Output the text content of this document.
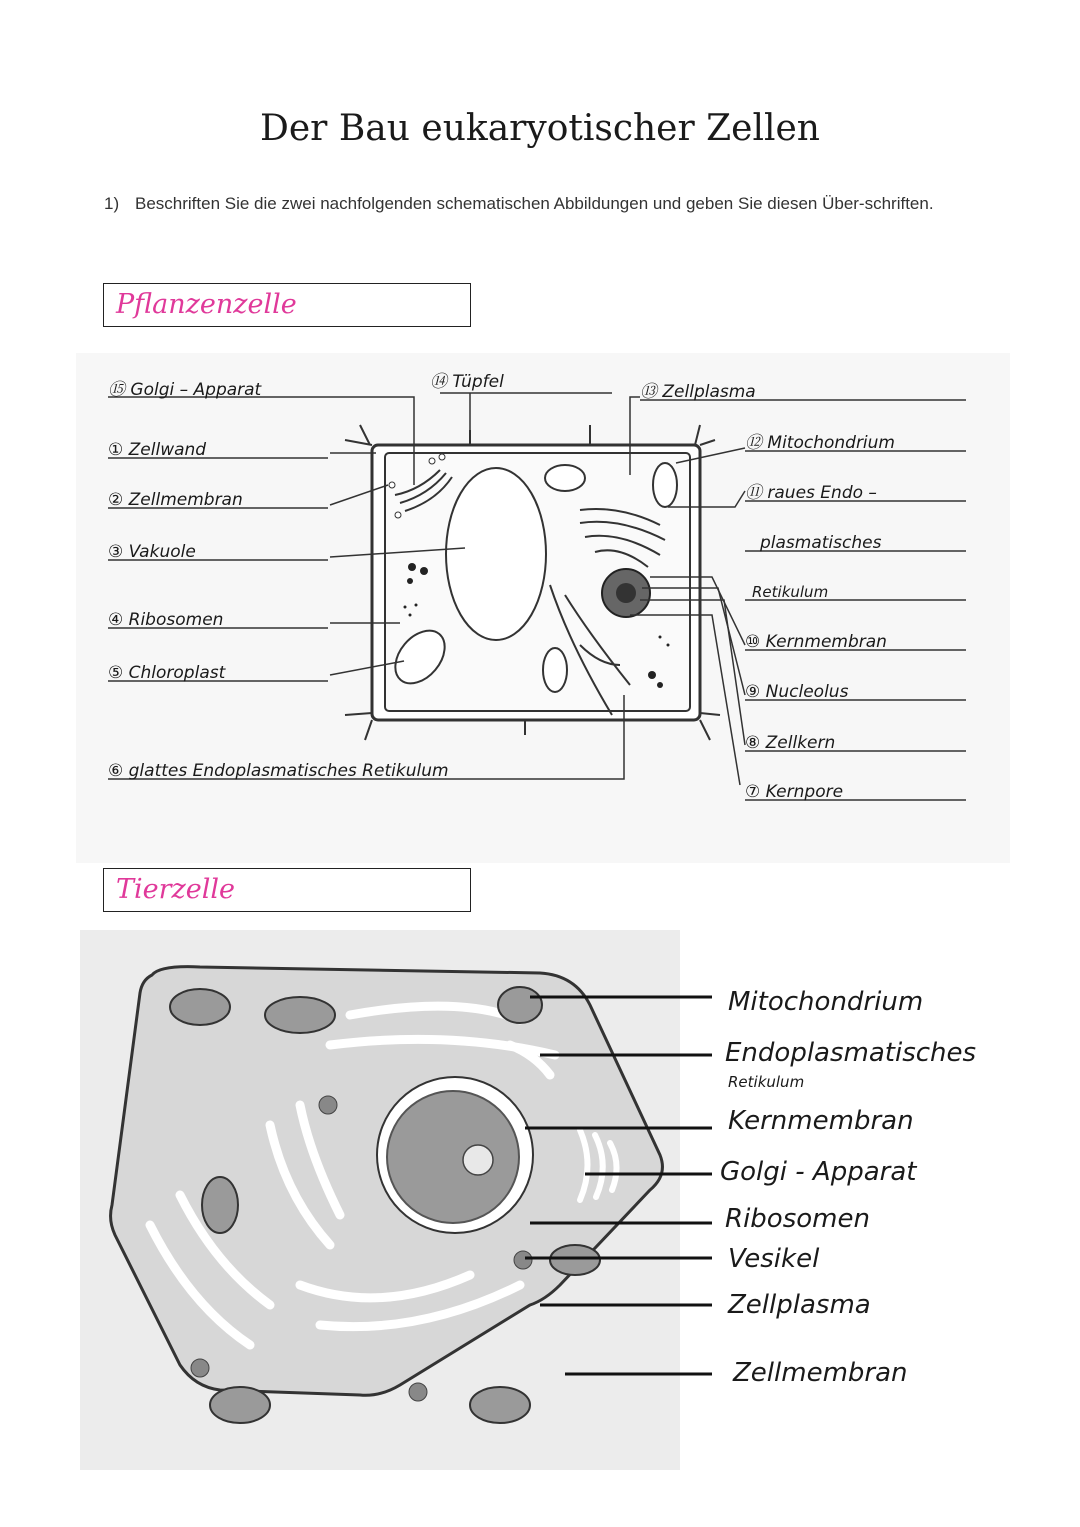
Der Bau eukaryotischer Zellen
1) Beschriften Sie die zwei nachfolgenden schematischen Abbildungen und geben Sie diesen Über-schriften.
Pflanzenzelle
⑮ Golgi – Apparat	⑭ Tüpfel	⑬ Zellplasma
① Zellwand
② Zellmembran
③ Vakuole
④ Ribosomen
⑤ Chloroplast
⑥ glattes Endoplasmatisches Retikulum
⑫ Mitochondrium
⑪ raues Endo –
plasmatisches
Retikulum
⑩ Kernmembran
⑨ Nucleolus
⑧ Zellkern
⑦ Kernpore
Tierzelle
Mitochondrium
Endoplasmatisches
Retikulum
Kernmembran
Golgi - Apparat
Ribosomen
Vesikel
Zellplasma
Zellmembran
